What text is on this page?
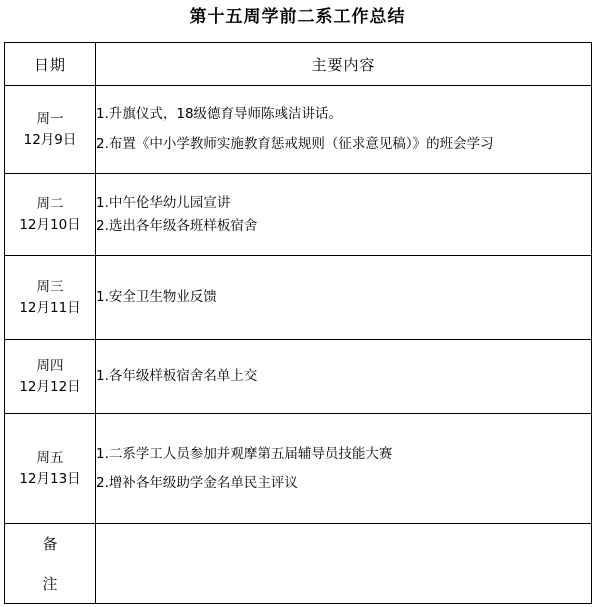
第十五周学前二系工作总结
日期	主要内容
周一
12月9日	1.升旗仪式，18级德育导师陈彧洁讲话。
2.布置《中小学教师实施教育惩戒规则（征求意见稿）》的班会学习

周二
12月10日	1.中午伦华幼儿园宣讲
2.选出各年级各班样板宿舍

周三
12月11日	1.安全卫生物业反馈

周四
12月12日	1.各年级样板宿舍名单上交

周五
12月13日	1.二系学工人员参加并观摩第五届辅导员技能大赛
2.增补各年级助学金名单民主评议

备
注	
